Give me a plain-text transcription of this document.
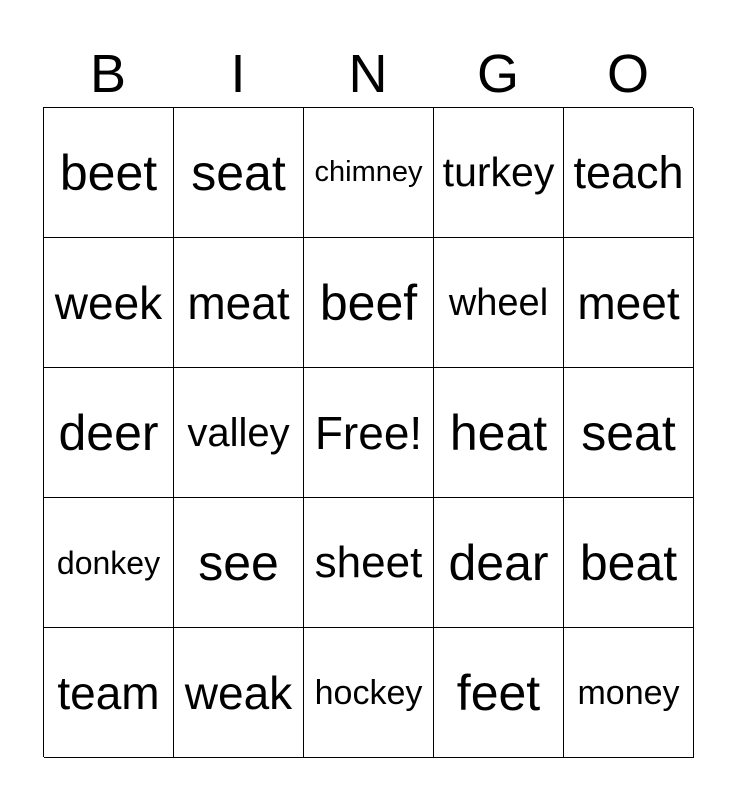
B	I	N	G	O
beet seat chimney turkey teach
week meat beef wheel meet
deer valley Free! heat seat
donkey see sheet dear beat
team weak hockey feet money
